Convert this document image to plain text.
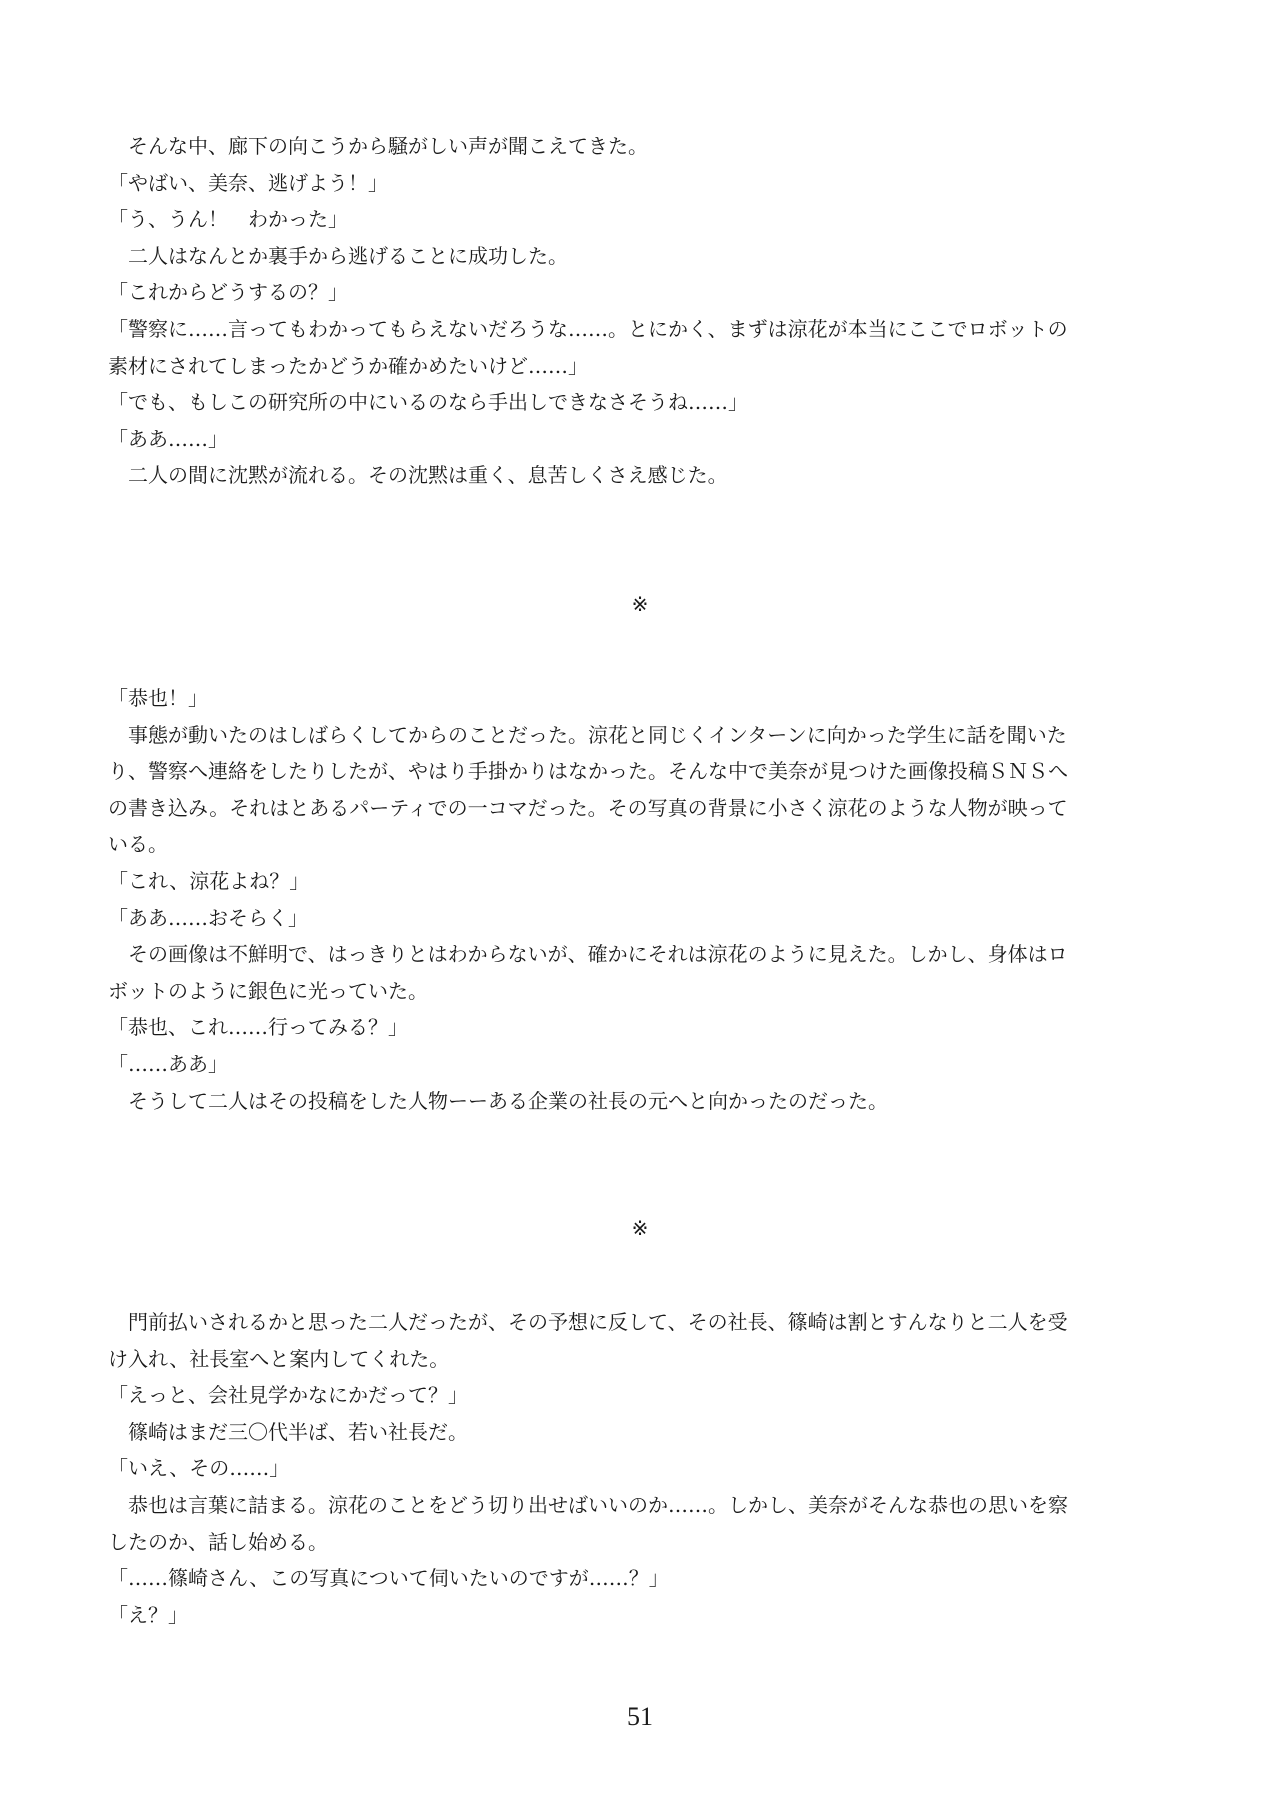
　そんな中、廊下の向こうから騒がしい声が聞こえてきた。
「やばい、美奈、逃げよう！」
「う、うん！　わかった」
　二人はなんとか裏手から逃げることに成功した。
「これからどうするの？」
「警察に……言ってもわかってもらえないだろうな……。とにかく、まずは涼花が本当にここでロボットの
素材にされてしまったかどうか確かめたいけど……」
「でも、もしこの研究所の中にいるのなら手出しできなさそうね……」
「ああ……」
　二人の間に沈黙が流れる。その沈黙は重く、息苦しくさえ感じた。
※
「恭也！」
　事態が動いたのはしばらくしてからのことだった。涼花と同じくインターンに向かった学生に話を聞いた
り、警察へ連絡をしたりしたが、やはり手掛かりはなかった。そんな中で美奈が見つけた画像投稿ＳＮＳへ
の書き込み。それはとあるパーティでの一コマだった。その写真の背景に小さく涼花のような人物が映って
いる。
「これ、涼花よね？」
「ああ……おそらく」
　その画像は不鮮明で、はっきりとはわからないが、確かにそれは涼花のように見えた。しかし、身体はロ
ボットのように銀色に光っていた。
「恭也、これ……行ってみる？」
「……ああ」
　そうして二人はその投稿をした人物ーーある企業の社長の元へと向かったのだった。
※
　門前払いされるかと思った二人だったが、その予想に反して、その社長、篠崎は割とすんなりと二人を受
け入れ、社長室へと案内してくれた。
「えっと、会社見学かなにかだって？」
　篠崎はまだ三〇代半ば、若い社長だ。
「いえ、その……」
　恭也は言葉に詰まる。涼花のことをどう切り出せばいいのか……。しかし、美奈がそんな恭也の思いを察
したのか、話し始める。
「……篠崎さん、この写真について伺いたいのですが……？」
「え？」
51
